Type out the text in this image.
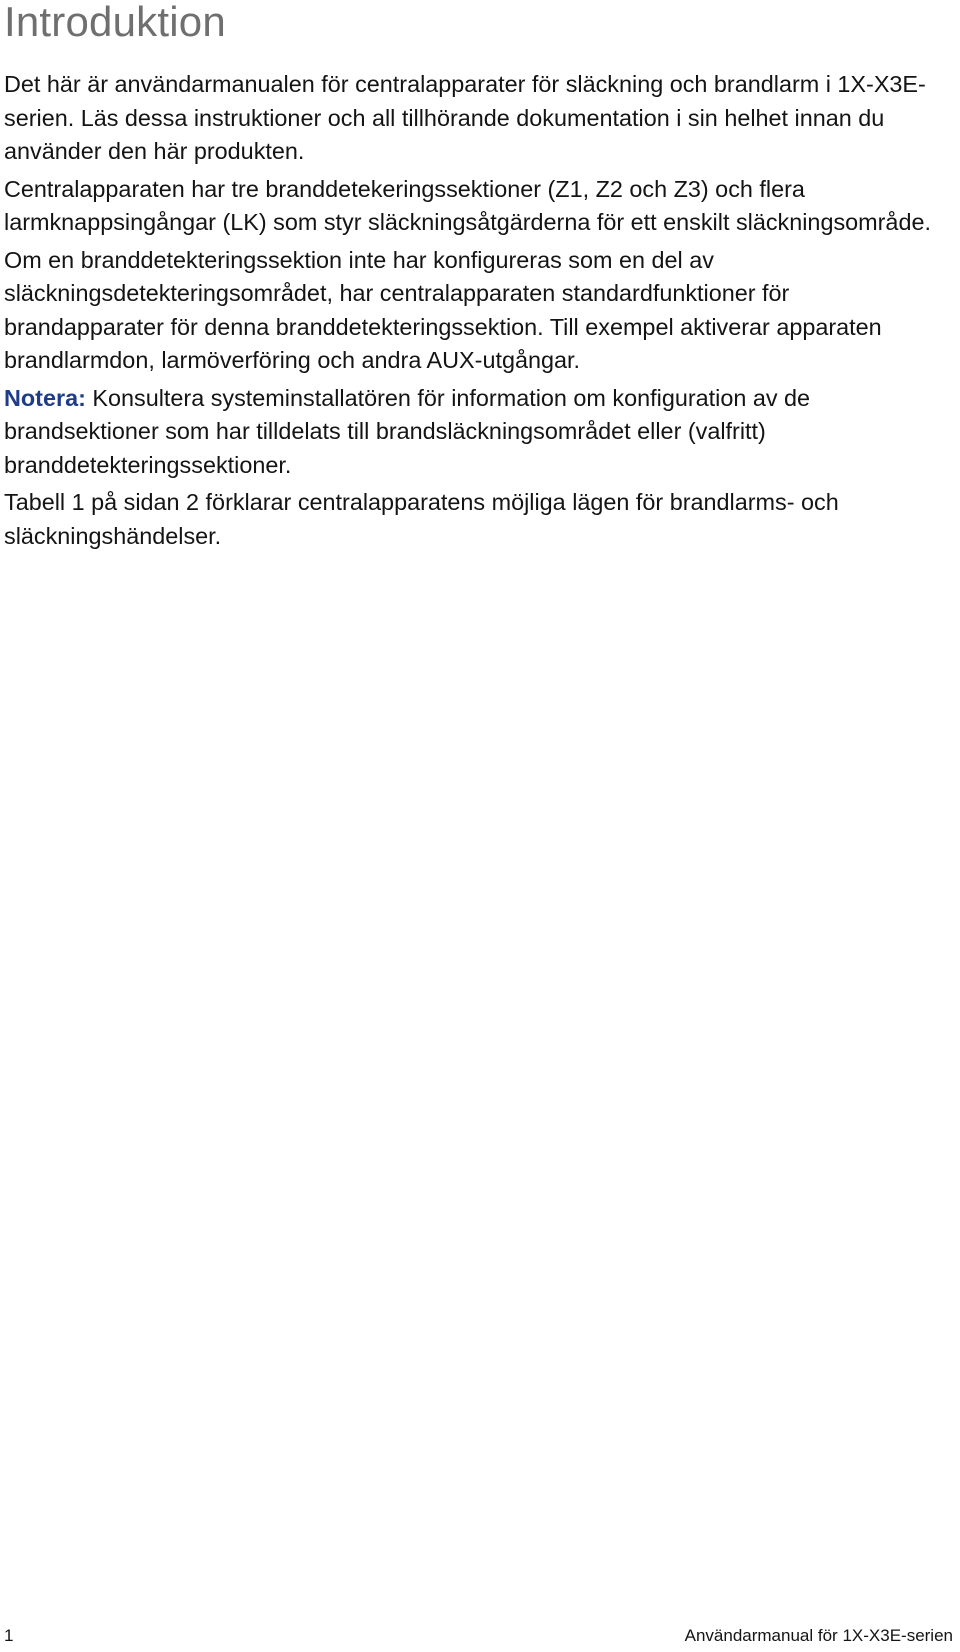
Introduktion

Det här är användarmanualen för centralapparater för släckning och brandlarm i 1X-X3E-serien. Läs dessa instruktioner och all tillhörande dokumentation i sin helhet innan du använder den här produkten.

Centralapparaten har tre branddetekeringssektioner (Z1, Z2 och Z3) och flera larmknappsingångar (LK) som styr släckningsåtgärderna för ett enskilt släckningsområde.

Om en branddetekteringssektion inte har konfigureras som en del av släckningsdetekteringsområdet, har centralapparaten standardfunktioner för brandapparater för denna branddetekteringssektion. Till exempel aktiverar apparaten brandlarmdon, larmöverföring och andra AUX-utgångar.

Notera: Konsultera systeminstallatören för information om konfiguration av de brandsektioner som har tilldelats till brandsläckningsområdet eller (valfritt) branddetekteringssektioner.

Tabell 1 på sidan 2 förklarar centralapparatens möjliga lägen för brandlarms- och släckningshändelser.

1	Användarmanual för 1X-X3E-serien
